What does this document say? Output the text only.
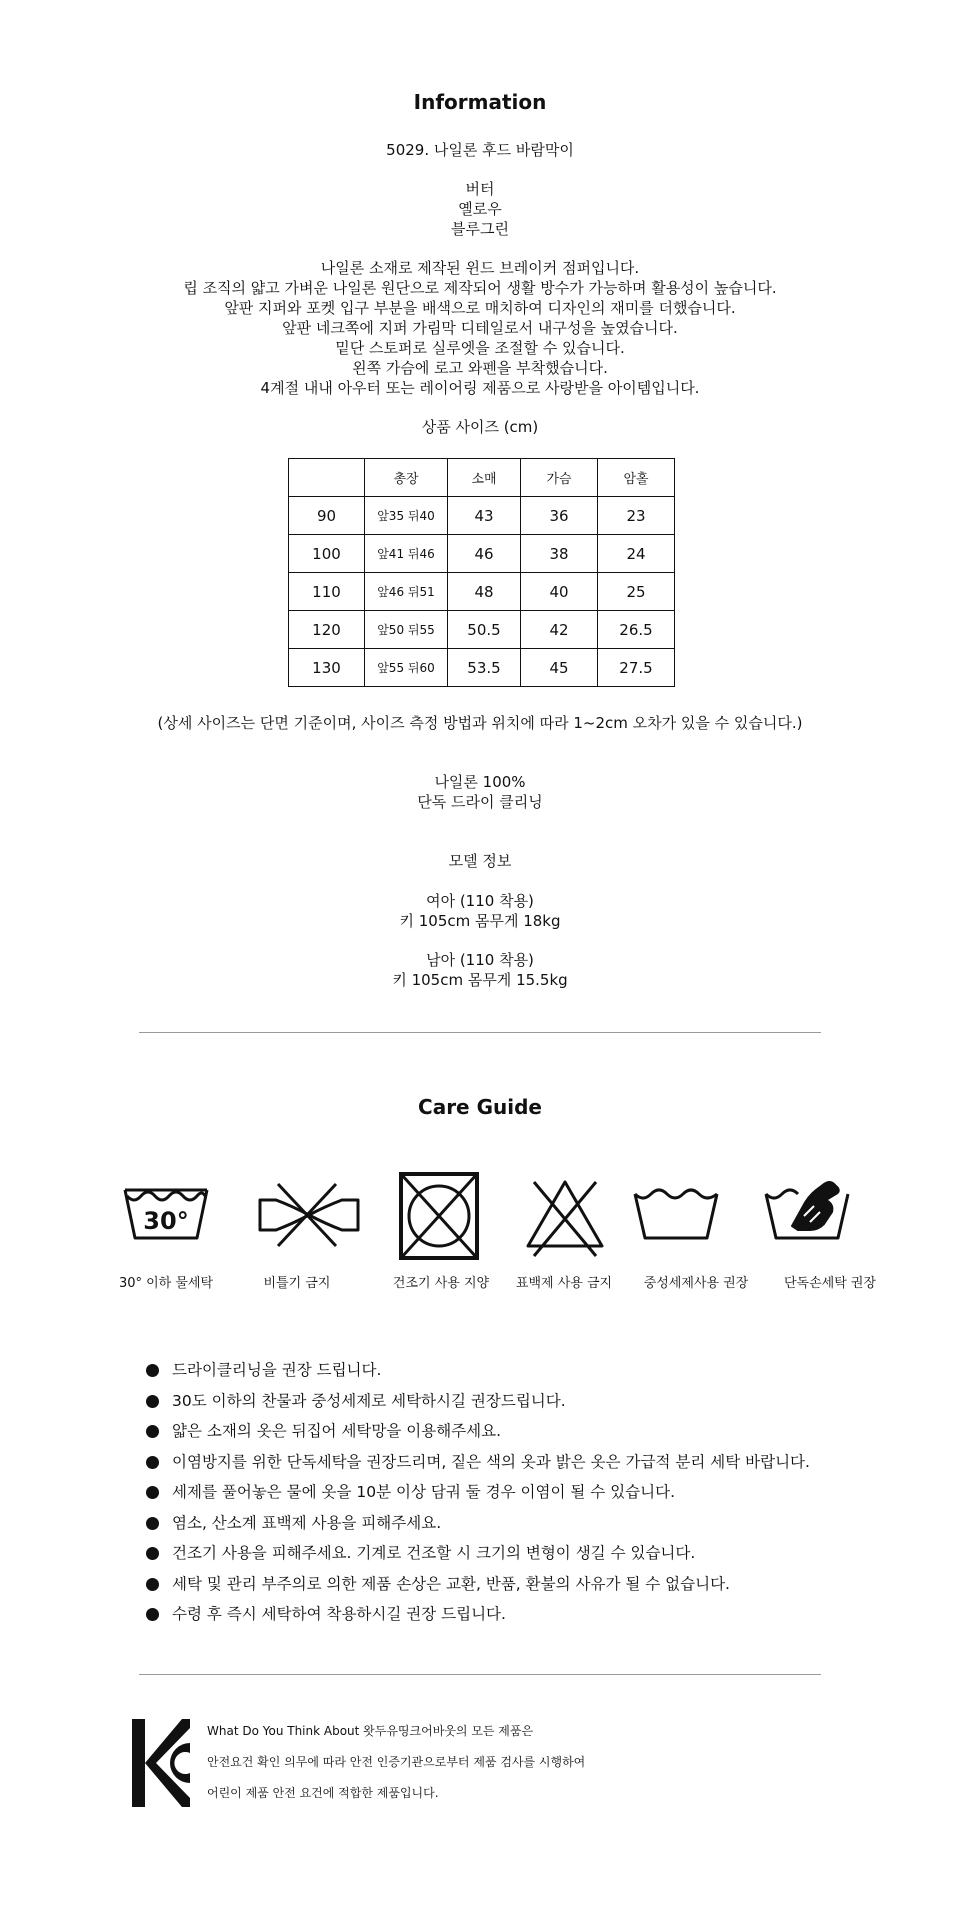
Information
5029. 나일론 후드 바람막이
버터
옐로우
블루그린
나일론 소재로 제작된 윈드 브레이커 점퍼입니다.
립 조직의 얇고 가벼운 나일론 원단으로 제작되어 생활 방수가 가능하며 활용성이 높습니다.
앞판 지퍼와 포켓 입구 부분을 배색으로 매치하여 디자인의 재미를 더했습니다.
앞판 네크쪽에 지퍼 가림막 디테일로서 내구성을 높였습니다.
밑단 스토퍼로 실루엣을 조절할 수 있습니다.
왼쪽 가슴에 로고 와펜을 부착했습니다.
4계절 내내 아우터 또는 레이어링 제품으로 사랑받을 아이템입니다.
상품 사이즈 (cm)
	총장	소매	가슴	암홀
90	앞35 뒤40	43	36	23
100	앞41 뒤46	46	38	24
110	앞46 뒤51	48	40	25
120	앞50 뒤55	50.5	42	26.5
130	앞55 뒤60	53.5	45	27.5
(상세 사이즈는 단면 기준이며, 사이즈 측정 방법과 위치에 따라 1~2cm 오차가 있을 수 있습니다.)
나일론 100%
단독 드라이 클리닝
모델 정보
여아 (110 착용)
키 105cm 몸무게 18kg
남아 (110 착용)
키 105cm 몸무게 15.5kg
Care Guide
30°
30° 이하 물세탁	비틀기 금지	건조기 사용 지양	표백제 사용 금지	중성세제사용 권장	단독손세탁 권장
드라이클리닝을 권장 드립니다.
30도 이하의 찬물과 중성세제로 세탁하시길 권장드립니다.
얇은 소재의 옷은 뒤집어 세탁망을 이용해주세요.
이염방지를 위한 단독세탁을 권장드리며, 짙은 색의 옷과 밝은 옷은 가급적 분리 세탁 바랍니다.
세제를 풀어놓은 물에 옷을 10분 이상 담궈 둘 경우 이염이 될 수 있습니다.
염소, 산소계 표백제 사용을 피해주세요.
건조기 사용을 피해주세요. 기계로 건조할 시 크기의 변형이 생길 수 있습니다.
세탁 및 관리 부주의로 의한 제품 손상은 교환, 반품, 환불의 사유가 될 수 없습니다.
수령 후 즉시 세탁하여 착용하시길 권장 드립니다.
What Do You Think About 왓두유띵크어바웃의 모든 제품은
안전요건 확인 의무에 따라 안전 인증기관으로부터 제품 검사를 시행하여
어린이 제품 안전 요건에 적합한 제품입니다.
